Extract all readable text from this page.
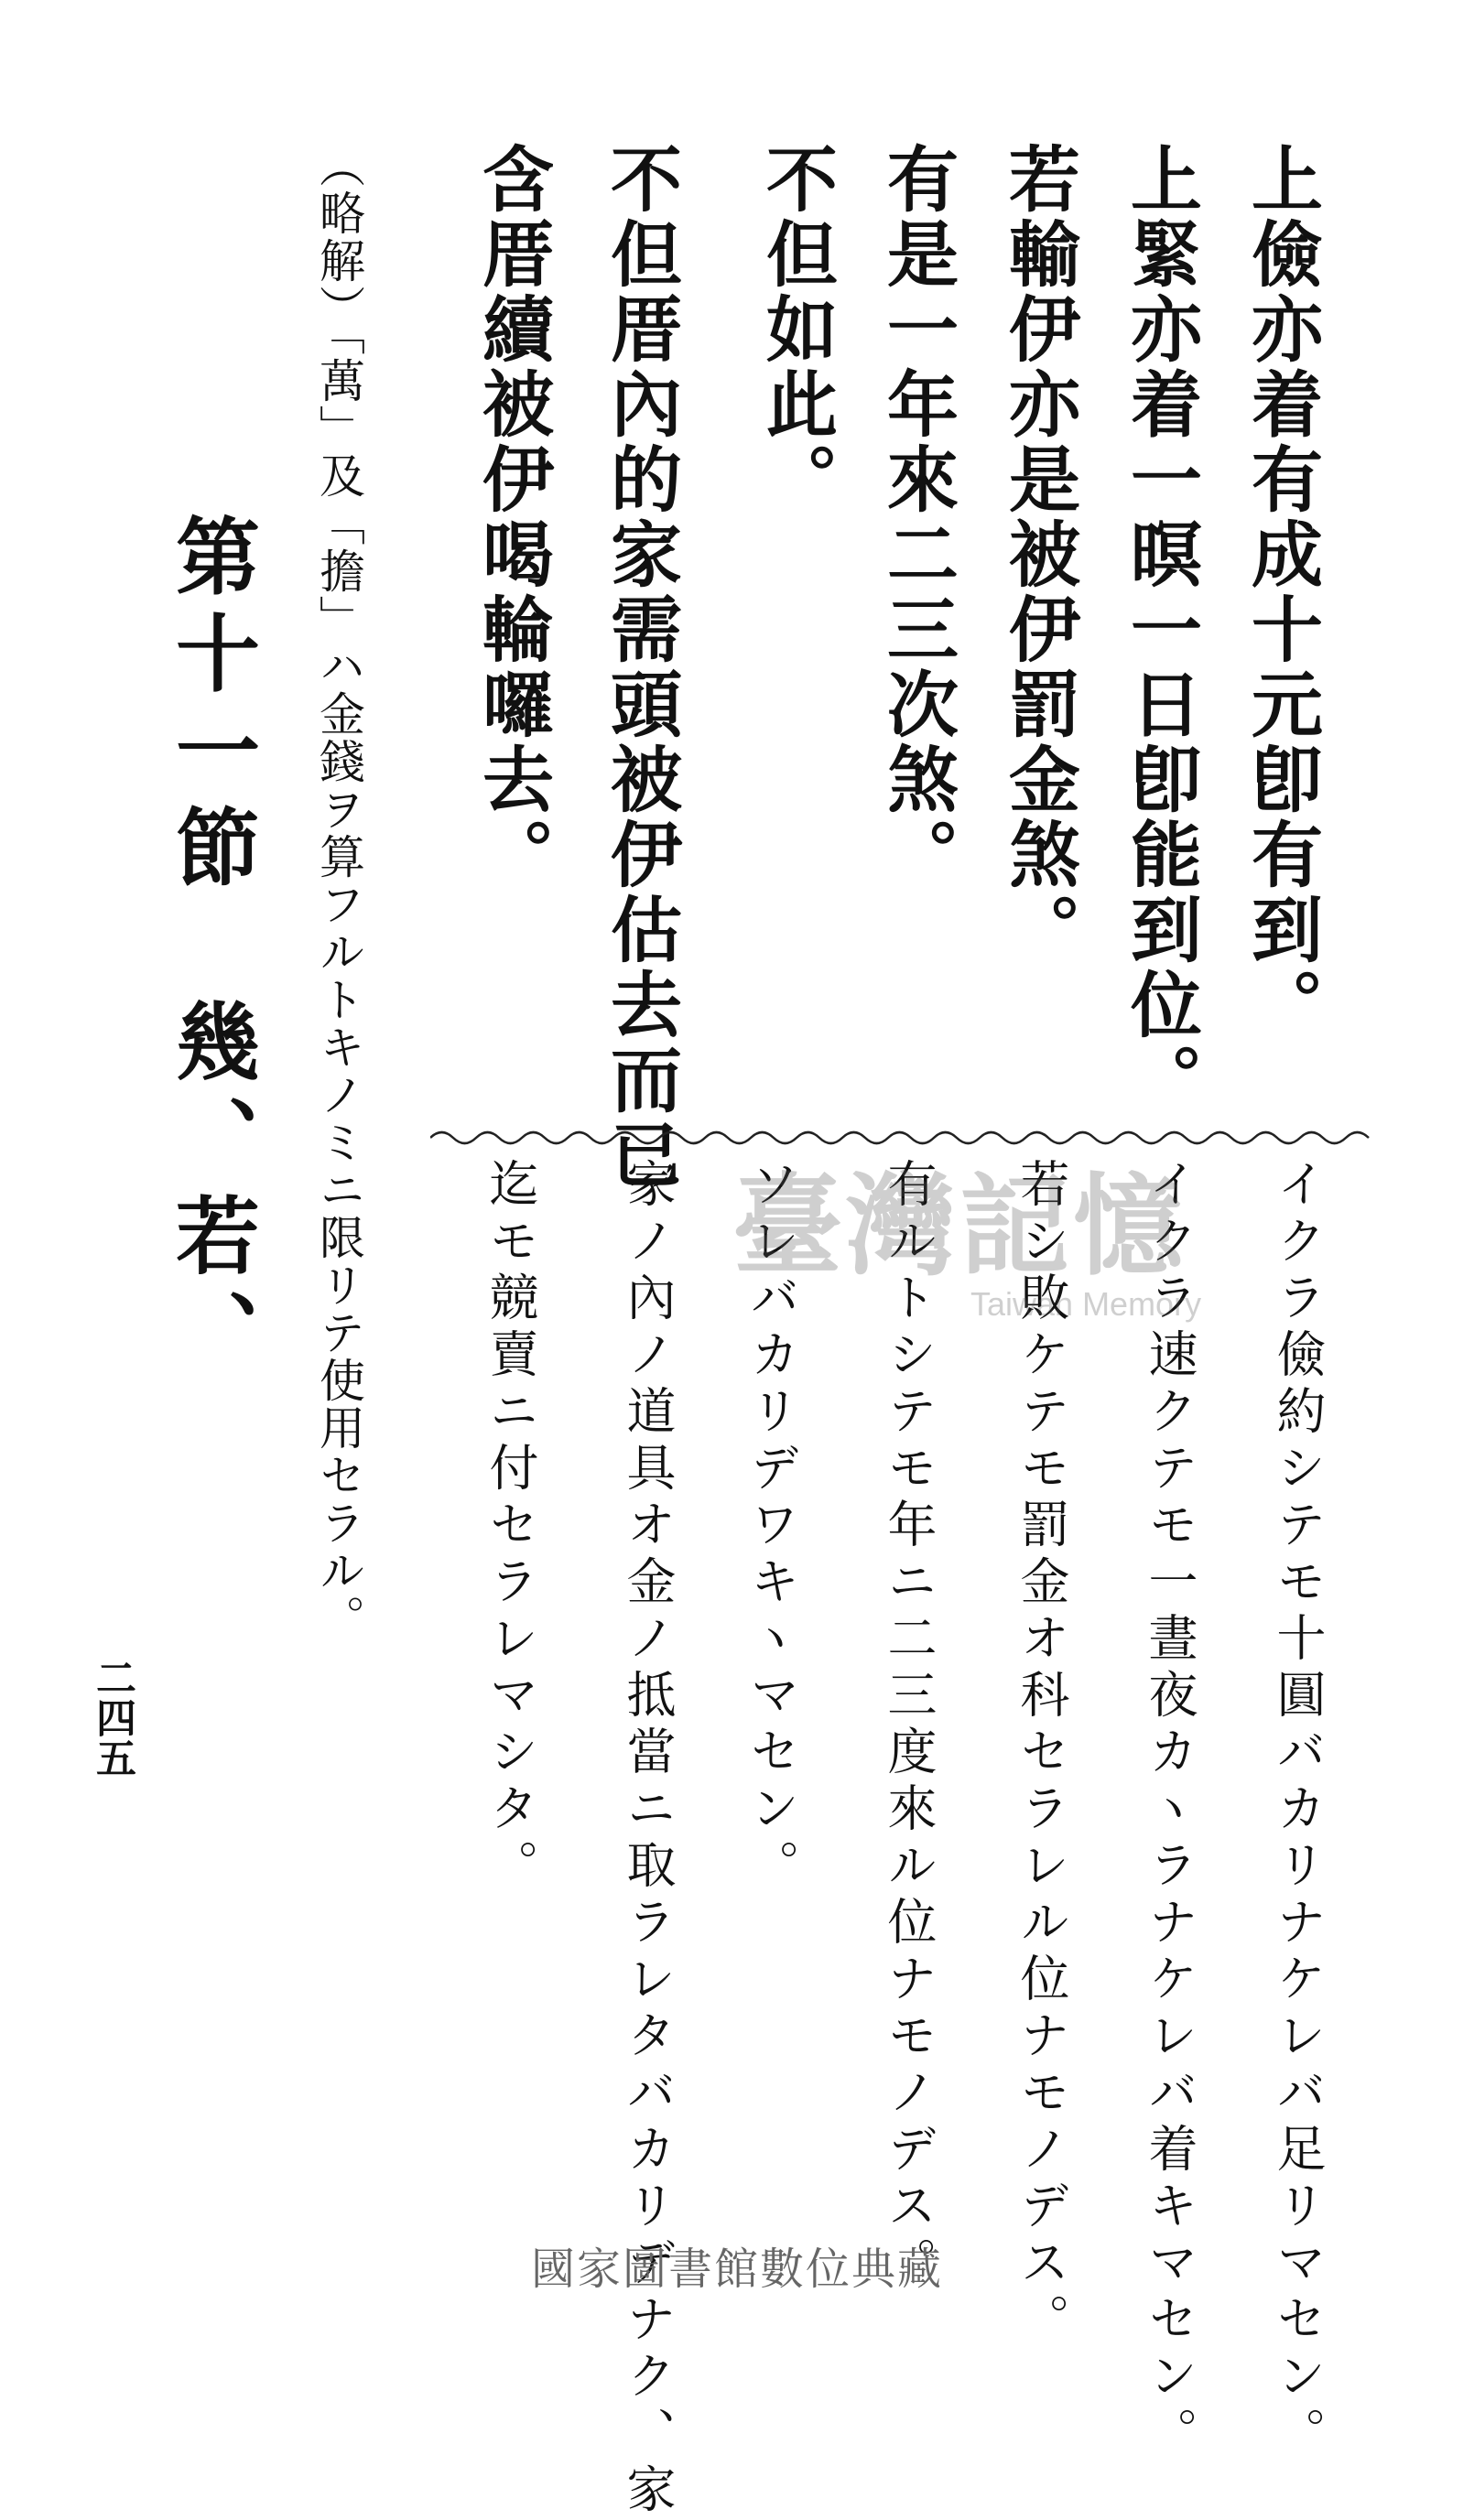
上儉亦着有成十元卽有到。
上緊亦着一暝一日卽能到位。
若輸伊亦是被伊罰金煞。
有是一年來二三次煞。
不但如此。
不但厝內的家需頭被伊估去而已
含厝續被伊喝輪囉去。
（略解）「萬」及「擔」ハ金錢ヲ算フルトキノミニ限リテ使用セラル。
第十一節　幾、若、
二四五	イクラ儉約シテモ十圓バカリナケレバ足リマセン。
イクラ速クテモ一晝夜カヽラナケレバ着キマセン。
若シ敗ケテモ罰金オ科セラレル位ナモノデス。
有ルトシテモ年ニ二三度來ル位ナモノデス。
ソレバカリデワキヽマセン。
家ノ內ノ道具オ金ノ抵當ニ取ラレタバカリデナク、家
迄モ競賣ニ付セラレマシタ。 臺灣記憶
Taiwan Memory
國家圖書館數位典藏
